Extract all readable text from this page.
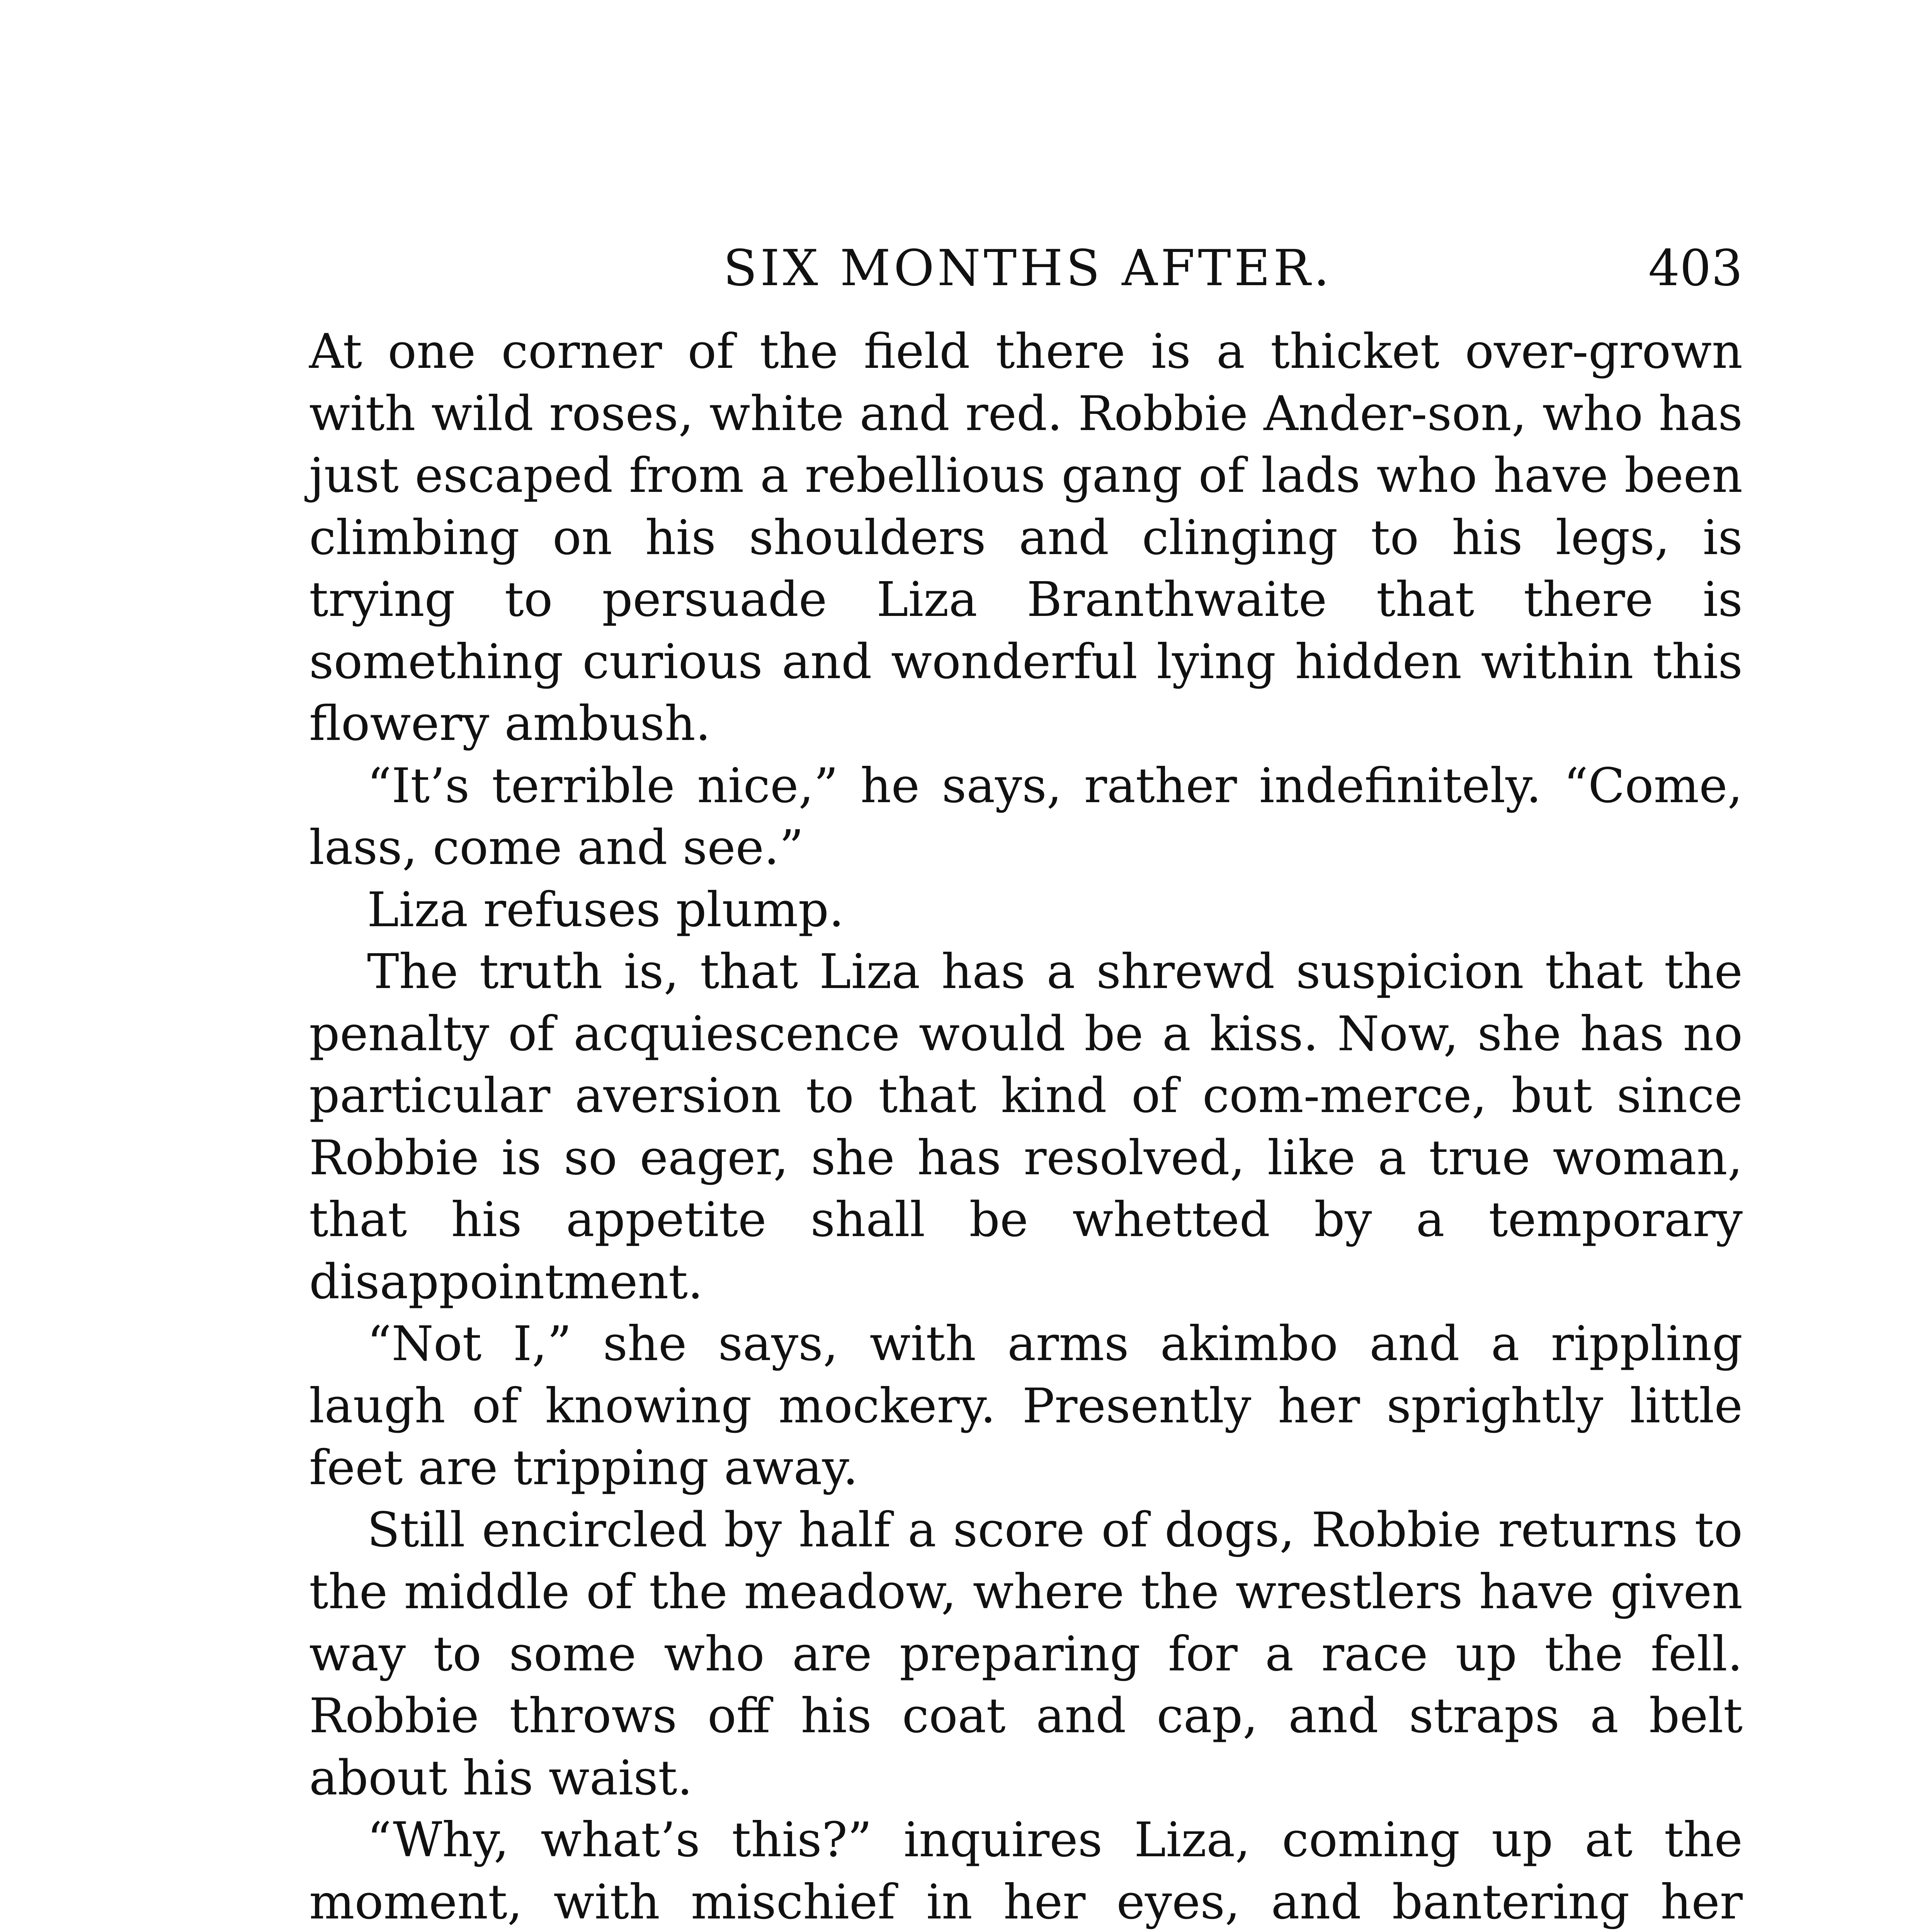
SIX MONTHS AFTER.	403

At one corner of the field there is a thicket over-grown with wild roses, white and red. Robbie Ander-son, who has just escaped from a rebellious gang of lads who have been climbing on his shoulders and clinging to his legs, is trying to persuade Liza Branthwaite that there is something curious and wonderful lying hidden within this flowery ambush.

“It’s terrible nice,” he says, rather indefinitely. “Come, lass, come and see.”

Liza refuses plump.

The truth is, that Liza has a shrewd suspicion that the penalty of acquiescence would be a kiss. Now, she has no particular aversion to that kind of com-merce, but since Robbie is so eager, she has resolved, like a true woman, that his appetite shall be whetted by a temporary disappointment.

“Not I,” she says, with arms akimbo and a rippling laugh of knowing mockery. Presently her sprightly little feet are tripping away.

Still encircled by half a score of dogs, Robbie returns to the middle of the meadow, where the wrestlers have given way to some who are preparing for a race up the fell. Robbie throws off his coat and cap, and straps a belt about his waist.

“Why, what’s this?” inquires Liza, coming up at the moment, with mischief in her eyes, and bantering her
